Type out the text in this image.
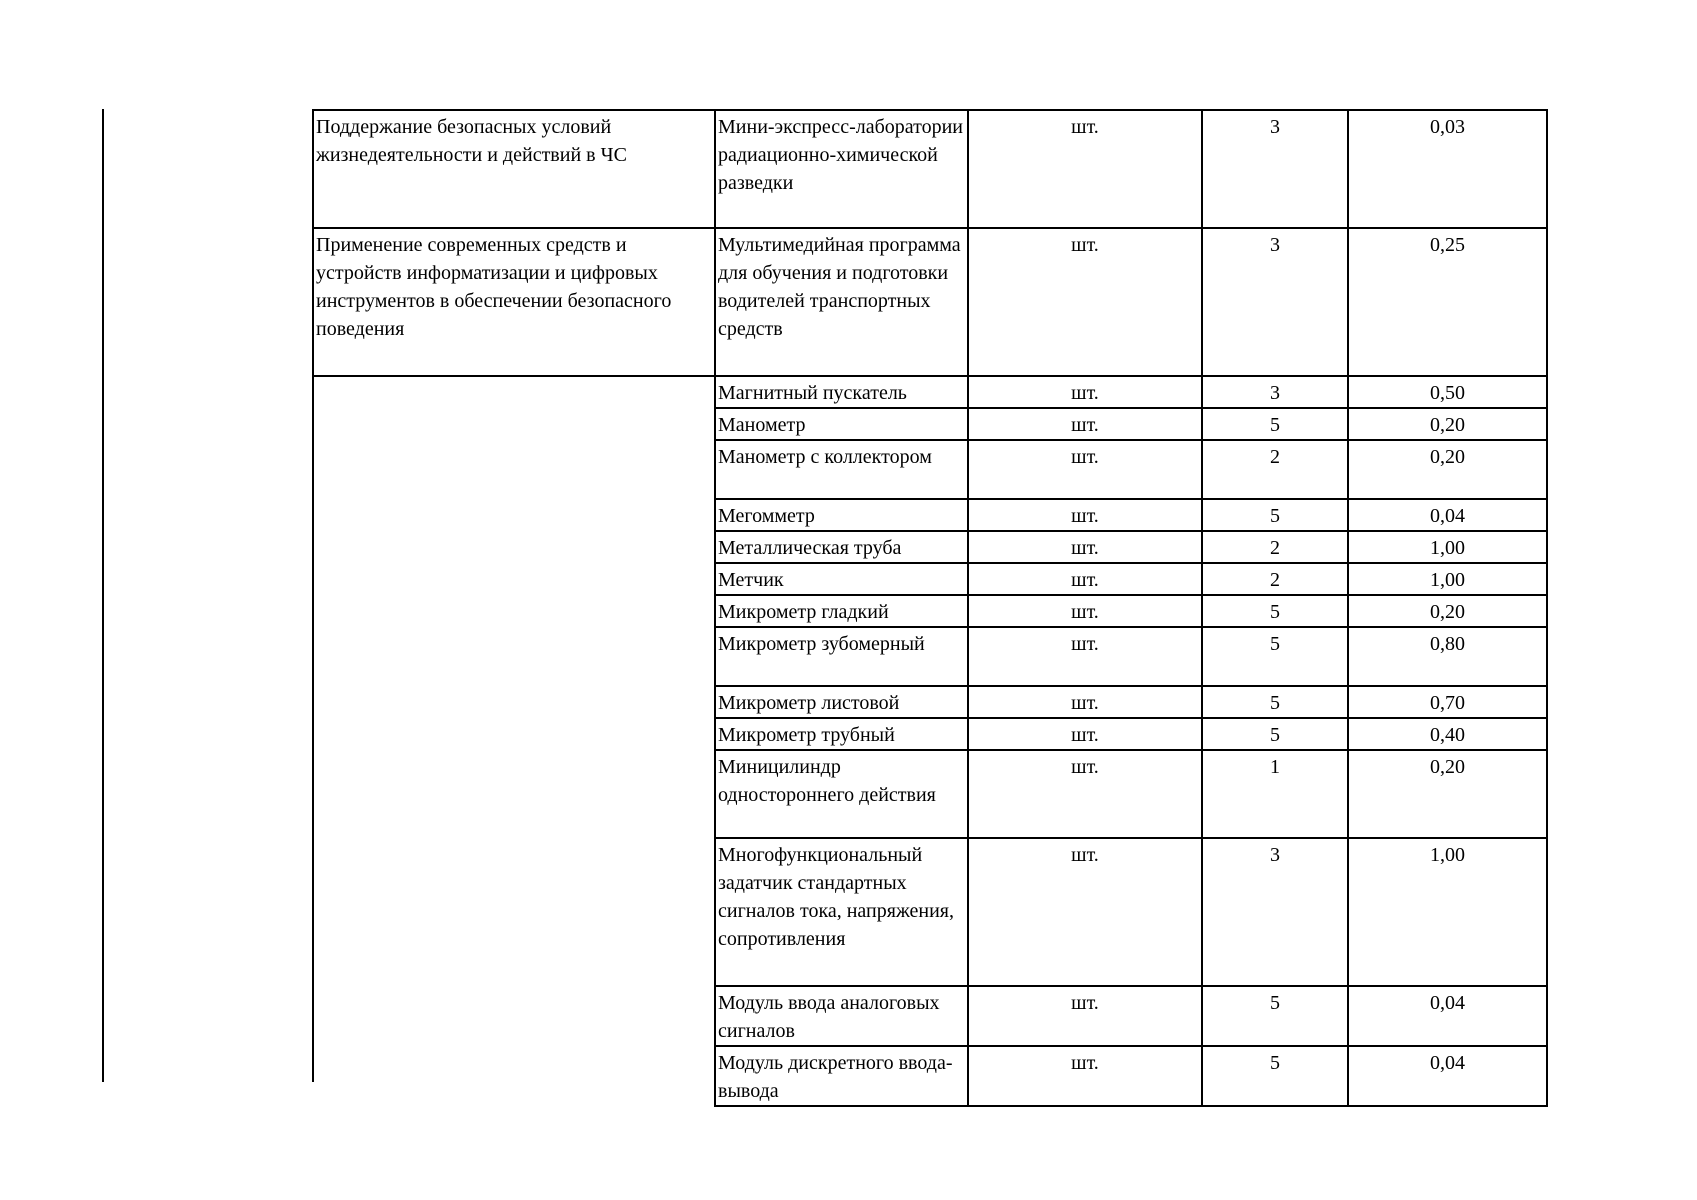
Поддержание безопасных условий жизнедеятельности и действий в ЧС	Мини-экспресс-лаборатории радиационно-химической разведки	шт.	3	0,03
Применение современных средств и устройств информатизации и цифровых инструментов в обеспечении безопасного поведения	Мультимедийная программа для обучения и подготовки водителей транспортных средств	шт.	3	0,25
	Магнитный пускатель	шт.	3	0,50
	Манометр	шт.	5	0,20
	Манометр с коллектором	шт.	2	0,20
	Мегомметр	шт.	5	0,04
	Металлическая труба	шт.	2	1,00
	Метчик	шт.	2	1,00
	Микрометр гладкий	шт.	5	0,20
	Микрометр зубомерный	шт.	5	0,80
	Микрометр листовой	шт.	5	0,70
	Микрометр трубный	шт.	5	0,40
	Миницилиндр одностороннего действия	шт.	1	0,20
	Многофункциональный задатчик стандартных сигналов тока, напряжения, сопротивления	шт.	3	1,00
	Модуль ввода аналоговых сигналов	шт.	5	0,04
	Модуль дискретного ввода-вывода	шт.	5	0,04
